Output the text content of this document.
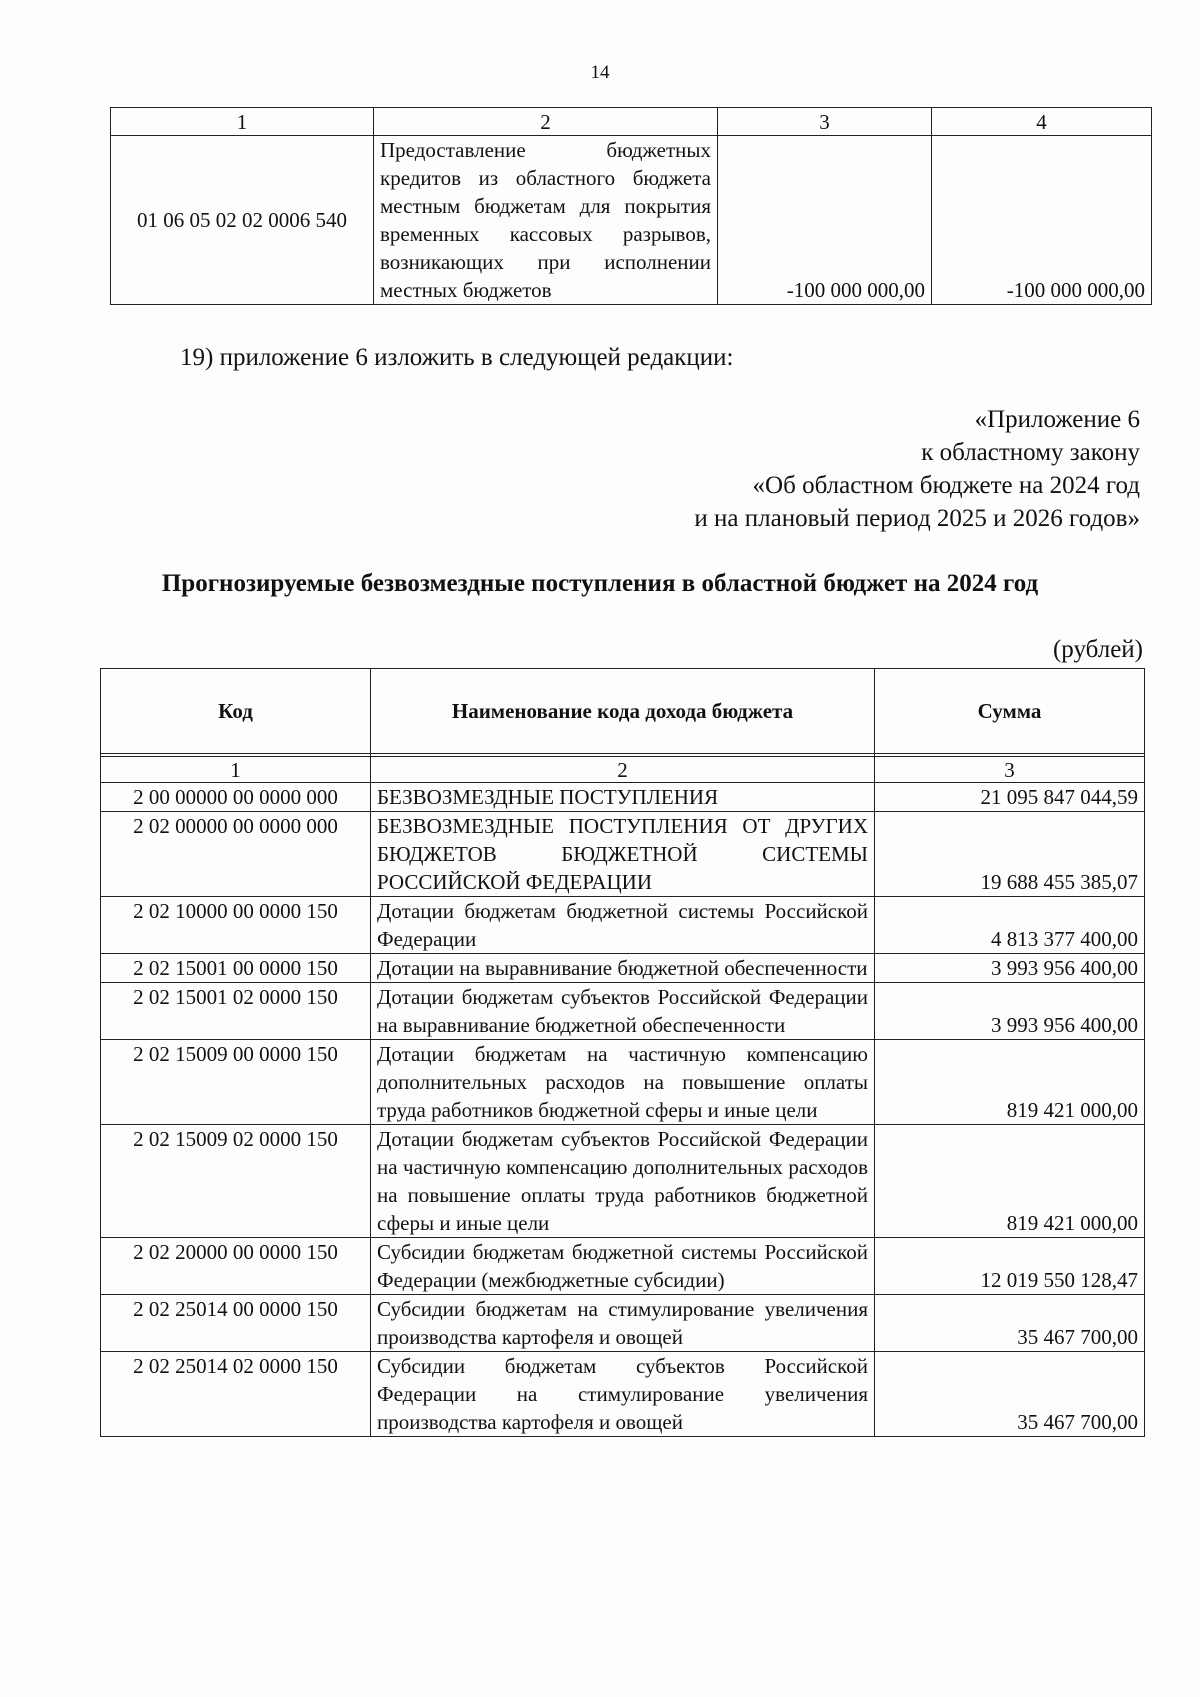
14
1	2	3	4
01 06 05 02 02 0006 540	Предоставление бюджетных кредитов из областного бюджета местным бюджетам для покрытия временных кассовых разрывов, возникающих при исполнении местных бюджетов	-100 000 000,00	-100 000 000,00
19) приложение 6 изложить в следующей редакции:
«Приложение 6
к областному закону
«Об областном бюджете на 2024 год
и на плановый период 2025 и 2026 годов»
Прогнозируемые безвозмездные поступления в областной бюджет на 2024 год
(рублей)
Код	Наименование кода дохода бюджета	Сумма

1	2	3
2 00 00000 00 0000 000	БЕЗВОЗМЕЗДНЫЕ ПОСТУПЛЕНИЯ	21 095 847 044,59
2 02 00000 00 0000 000	БЕЗВОЗМЕЗДНЫЕ ПОСТУПЛЕНИЯ ОТ ДРУГИХ БЮДЖЕТОВ БЮДЖЕТНОЙ СИСТЕМЫ РОССИЙСКОЙ ФЕДЕРАЦИИ	19 688 455 385,07
2 02 10000 00 0000 150	Дотации бюджетам бюджетной системы Российской Федерации	4 813 377 400,00
2 02 15001 00 0000 150	Дотации на выравнивание бюджетной обеспеченности	3 993 956 400,00
2 02 15001 02 0000 150	Дотации бюджетам субъектов Российской Федерации на выравнивание бюджетной обеспеченности	3 993 956 400,00
2 02 15009 00 0000 150	Дотации бюджетам на частичную компенсацию дополнительных расходов на повышение оплаты труда работников бюджетной сферы и иные цели	819 421 000,00
2 02 15009 02 0000 150	Дотации бюджетам субъектов Российской Федерации на частичную компенсацию дополнительных расходов на повышение оплаты труда работников бюджетной сферы и иные цели	819 421 000,00
2 02 20000 00 0000 150	Субсидии бюджетам бюджетной системы Российской Федерации (межбюджетные субсидии)	12 019 550 128,47
2 02 25014 00 0000 150	Субсидии бюджетам на стимулирование увеличения производства картофеля и овощей	35 467 700,00
2 02 25014 02 0000 150	Субсидии бюджетам субъектов Российской Федерации на стимулирование увеличения производства картофеля и овощей	35 467 700,00
